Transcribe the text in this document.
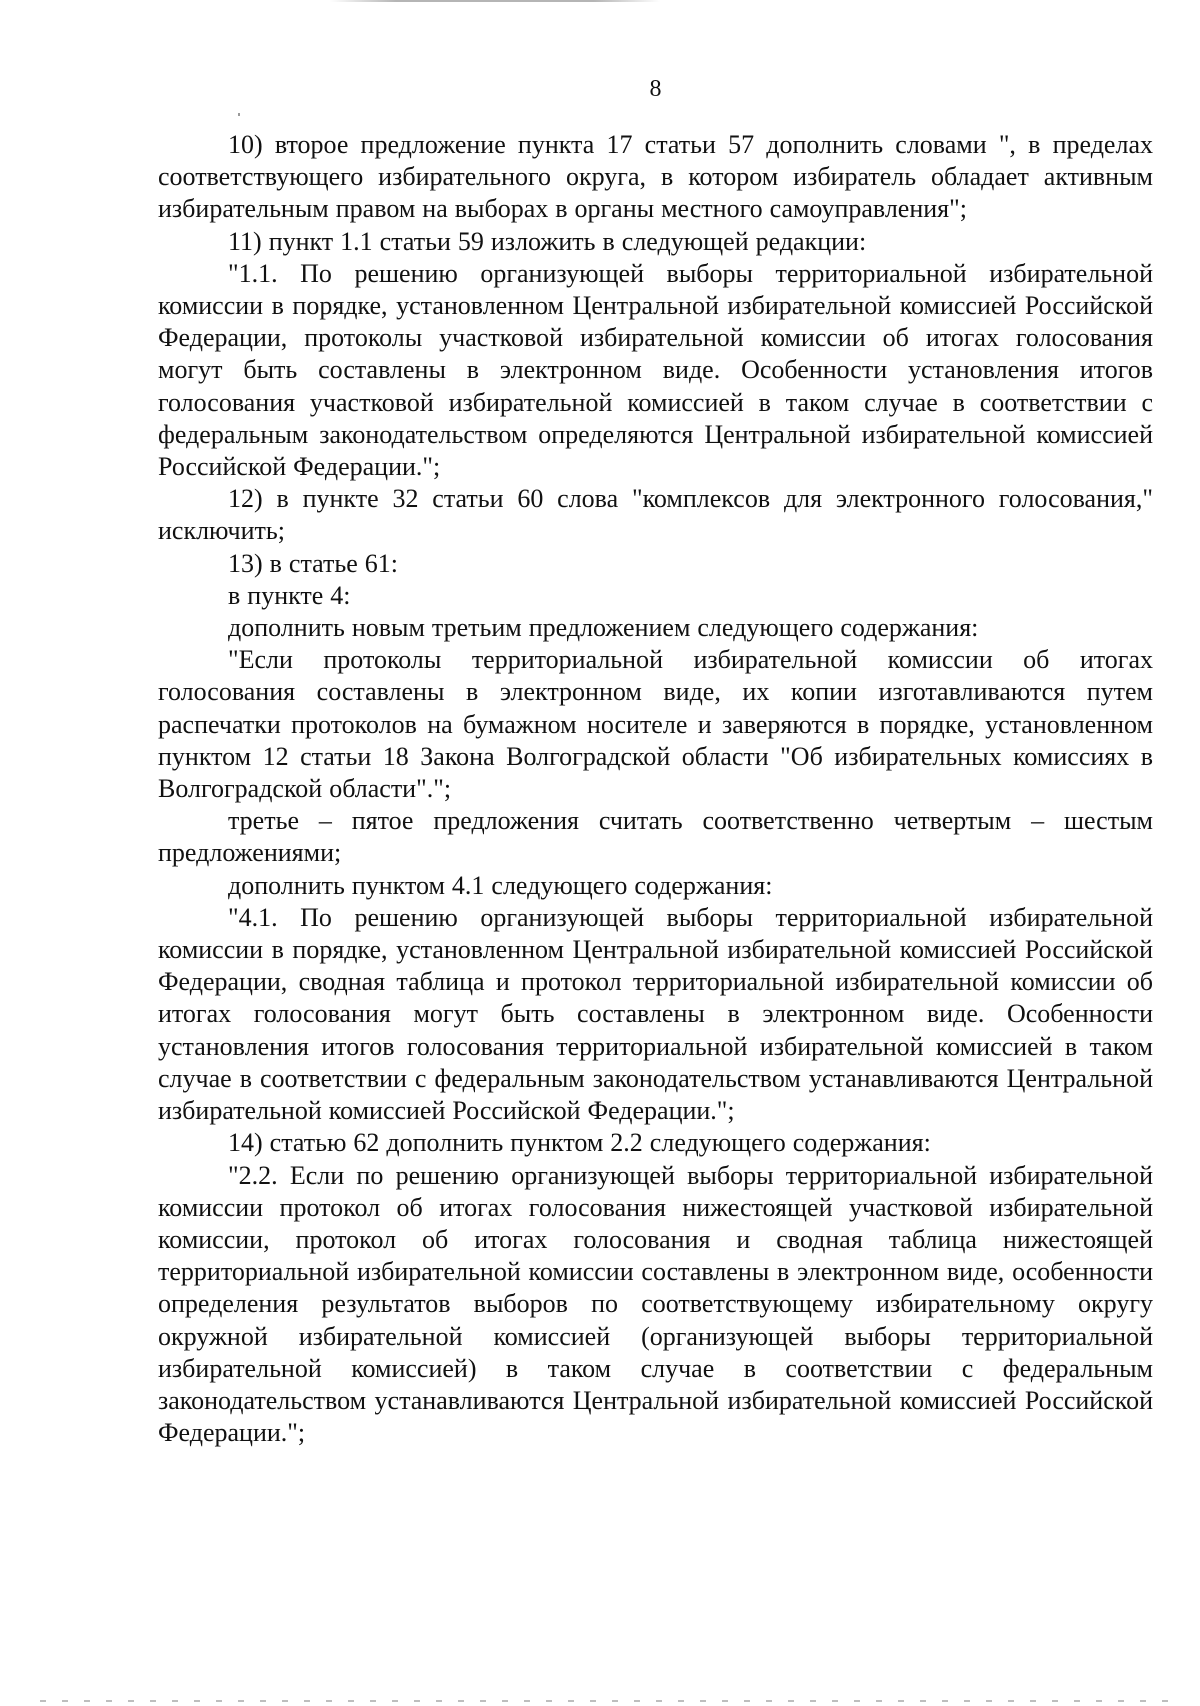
8

10) второе предложение пункта 17 статьи 57 дополнить словами ", в пределах соответствующего избирательного округа, в котором избиратель обладает активным избирательным правом на выборах в органы местного самоуправления";

11) пункт 1.1 статьи 59 изложить в следующей редакции:

"1.1. По решению организующей выборы территориальной избирательной комиссии в порядке, установленном Центральной избирательной комиссией Российской Федерации, протоколы участковой избирательной комиссии об итогах голосования могут быть составлены в электронном виде. Особенности установления итогов голосования участковой избирательной комиссией в таком случае в соответствии с федеральным законодательством определяются Центральной избирательной комиссией Российской Федерации.";

12) в пункте 32 статьи 60 слова "комплексов для электронного голосования," исключить;

13) в статье 61:

в пункте 4:

дополнить новым третьим предложением следующего содержания:

"Если протоколы территориальной избирательной комиссии об итогах голосования составлены в электронном виде, их копии изготавливаются путем распечатки протоколов на бумажном носителе и заверяются в порядке, установленном пунктом 12 статьи 18 Закона Волгоградской области "Об избирательных комиссиях в Волгоградской области".";

третье – пятое предложения считать соответственно четвертым – шестым предложениями;

дополнить пунктом 4.1 следующего содержания:

"4.1. По решению организующей выборы территориальной избирательной комиссии в порядке, установленном Центральной избирательной комиссией Российской Федерации, сводная таблица и протокол территориальной избирательной комиссии об итогах голосования могут быть составлены в электронном виде. Особенности установления итогов голосования территориальной избирательной комиссией в таком случае в соответствии с федеральным законодательством устанавливаются Центральной избирательной комиссией Российской Федерации.";

14) статью 62 дополнить пунктом 2.2 следующего содержания:

"2.2. Если по решению организующей выборы территориальной избирательной комиссии протокол об итогах голосования нижестоящей участковой избирательной комиссии, протокол об итогах голосования и сводная таблица нижестоящей территориальной избирательной комиссии составлены в электронном виде, особенности определения результатов выборов по соответствующему избирательному округу окружной избирательной комиссией (организующей выборы территориальной избирательной комиссией) в таком случае в соответствии с федеральным законодательством устанавливаются Центральной избирательной комиссией Российской Федерации.";
